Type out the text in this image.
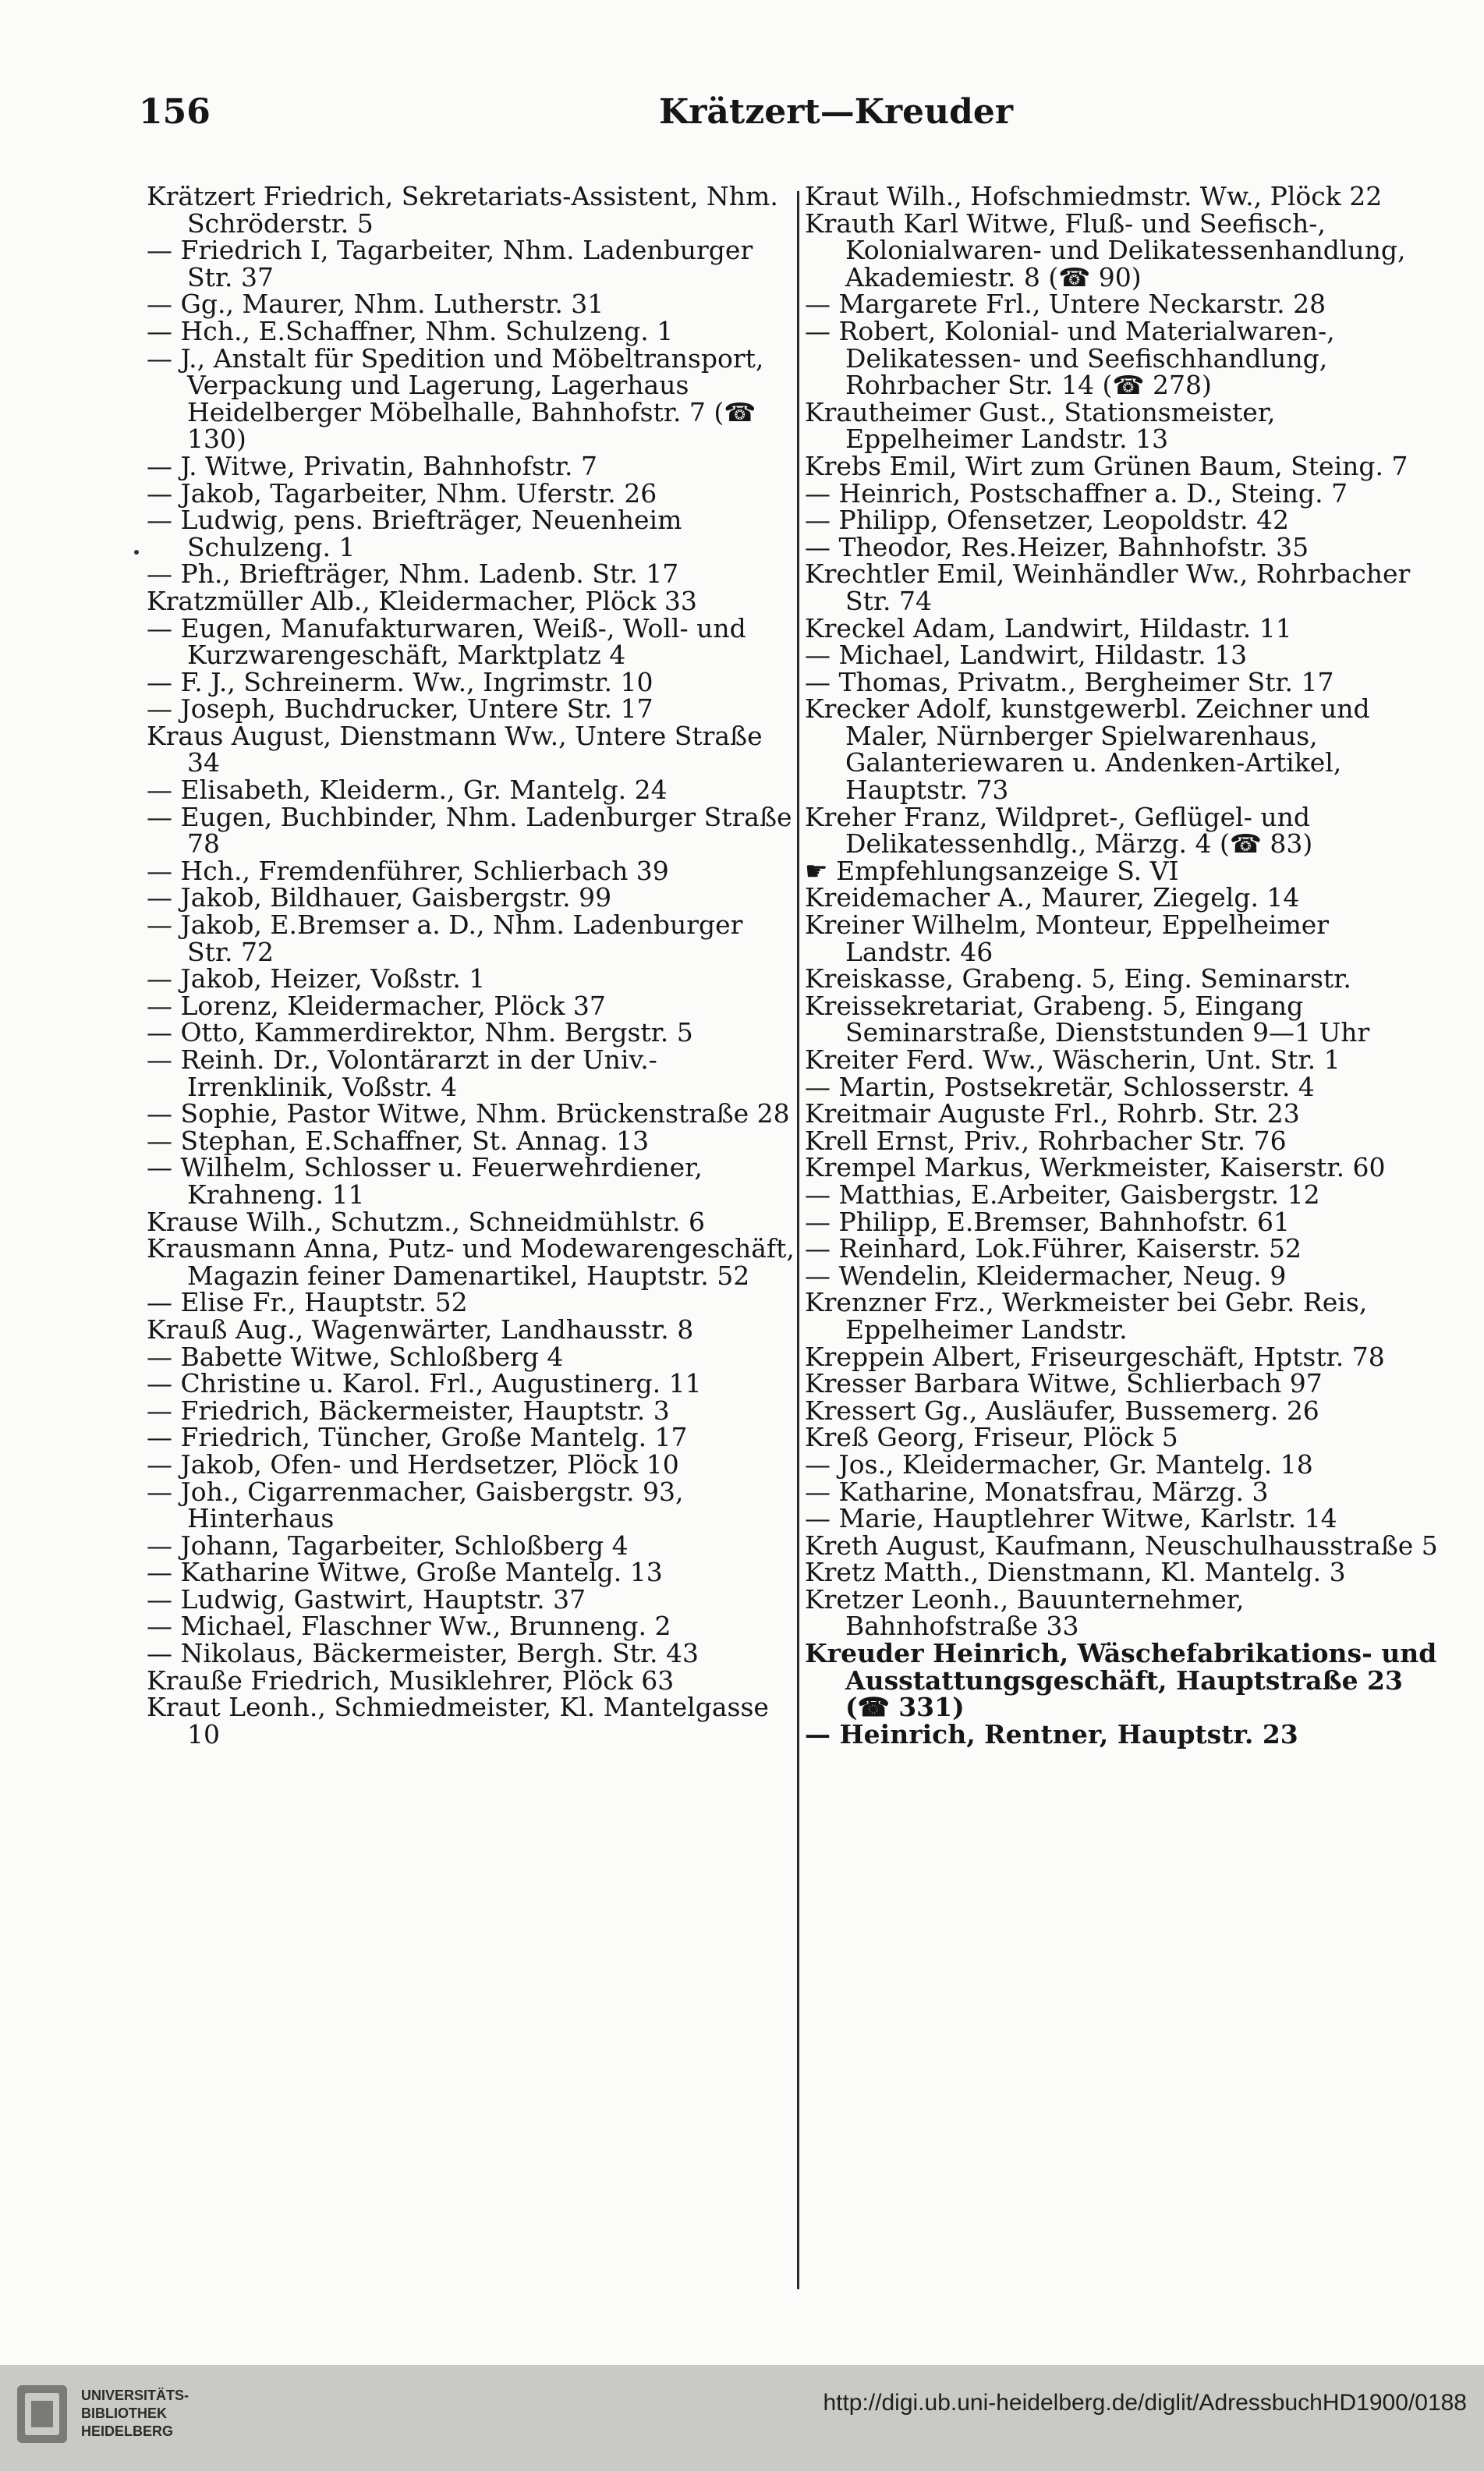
156	Krätzert—Kreuder
Krätzert Friedrich, Sekretariats-Assistent, Nhm. Schröderstr. 5
— Friedrich I, Tagarbeiter, Nhm. Ladenburger Str. 37
— Gg., Maurer, Nhm. Lutherstr. 31
— Hch., E.Schaffner, Nhm. Schulzeng. 1
— J., Anstalt für Spedition und Möbeltransport, Verpackung und Lagerung, Lagerhaus Heidelberger Möbelhalle, Bahnhofstr. 7 (☎ 130)
— J. Witwe, Privatin, Bahnhofstr. 7
— Jakob, Tagarbeiter, Nhm. Uferstr. 26
— Ludwig, pens. Briefträger, Neuenheim Schulzeng. 1
— Ph., Briefträger, Nhm. Ladenb. Str. 17
Kratzmüller Alb., Kleidermacher, Plöck 33
— Eugen, Manufakturwaren, Weiß-, Woll- und Kurzwarengeschäft, Marktplatz 4
— F. J., Schreinerm. Ww., Ingrimstr. 10
— Joseph, Buchdrucker, Untere Str. 17
Kraus August, Dienstmann Ww., Untere Straße 34
— Elisabeth, Kleiderm., Gr. Mantelg. 24
— Eugen, Buchbinder, Nhm. Ladenburger Straße 78
— Hch., Fremdenführer, Schlierbach 39
— Jakob, Bildhauer, Gaisbergstr. 99
— Jakob, E.Bremser a. D., Nhm. Ladenburger Str. 72
— Jakob, Heizer, Voßstr. 1
— Lorenz, Kleidermacher, Plöck 37
— Otto, Kammerdirektor, Nhm. Bergstr. 5
— Reinh. Dr., Volontärarzt in der Univ.-Irrenklinik, Voßstr. 4
— Sophie, Pastor Witwe, Nhm. Brückenstraße 28
— Stephan, E.Schaffner, St. Annag. 13
— Wilhelm, Schlosser u. Feuerwehrdiener, Krahneng. 11
Krause Wilh., Schutzm., Schneidmühlstr. 6
Krausmann Anna, Putz- und Modewarengeschäft, Magazin feiner Damenartikel, Hauptstr. 52
— Elise Fr., Hauptstr. 52
Krauß Aug., Wagenwärter, Landhausstr. 8
— Babette Witwe, Schloßberg 4
— Christine u. Karol. Frl., Augustinerg. 11
— Friedrich, Bäckermeister, Hauptstr. 3
— Friedrich, Tüncher, Große Mantelg. 17
— Jakob, Ofen- und Herdsetzer, Plöck 10
— Joh., Cigarrenmacher, Gaisbergstr. 93, Hinterhaus
— Johann, Tagarbeiter, Schloßberg 4
— Katharine Witwe, Große Mantelg. 13
— Ludwig, Gastwirt, Hauptstr. 37
— Michael, Flaschner Ww., Brunneng. 2
— Nikolaus, Bäckermeister, Bergh. Str. 43
Krauße Friedrich, Musiklehrer, Plöck 63
Kraut Leonh., Schmiedmeister, Kl. Mantelgasse 10
Kraut Wilh., Hofschmiedmstr. Ww., Plöck 22
Krauth Karl Witwe, Fluß- und Seefisch-, Kolonialwaren- und Delikatessenhandlung, Akademiestr. 8 (☎ 90)
— Margarete Frl., Untere Neckarstr. 28
— Robert, Kolonial- und Materialwaren-, Delikatessen- und Seefischhandlung, Rohrbacher Str. 14 (☎ 278)
Krautheimer Gust., Stationsmeister, Eppelheimer Landstr. 13
Krebs Emil, Wirt zum Grünen Baum, Steing. 7
— Heinrich, Postschaffner a. D., Steing. 7
— Philipp, Ofensetzer, Leopoldstr. 42
— Theodor, Res.Heizer, Bahnhofstr. 35
Krechtler Emil, Weinhändler Ww., Rohrbacher Str. 74
Kreckel Adam, Landwirt, Hildastr. 11
— Michael, Landwirt, Hildastr. 13
— Thomas, Privatm., Bergheimer Str. 17
Krecker Adolf, kunstgewerbl. Zeichner und Maler, Nürnberger Spielwarenhaus, Galanteriewaren u. Andenken-Artikel, Hauptstr. 73
Kreher Franz, Wildpret-, Geflügel- und Delikatessenhdlg., Märzg. 4 (☎ 83)
☛ Empfehlungsanzeige S. VI
Kreidemacher A., Maurer, Ziegelg. 14
Kreiner Wilhelm, Monteur, Eppelheimer Landstr. 46
Kreiskasse, Grabeng. 5, Eing. Seminarstr.
Kreissekretariat, Grabeng. 5, Eingang Seminarstraße, Dienststunden 9—1 Uhr
Kreiter Ferd. Ww., Wäscherin, Unt. Str. 1
— Martin, Postsekretär, Schlosserstr. 4
Kreitmair Auguste Frl., Rohrb. Str. 23
Krell Ernst, Priv., Rohrbacher Str. 76
Krempel Markus, Werkmeister, Kaiserstr. 60
— Matthias, E.Arbeiter, Gaisbergstr. 12
— Philipp, E.Bremser, Bahnhofstr. 61
— Reinhard, Lok.Führer, Kaiserstr. 52
— Wendelin, Kleidermacher, Neug. 9
Krenzner Frz., Werkmeister bei Gebr. Reis, Eppelheimer Landstr.
Kreppein Albert, Friseurgeschäft, Hptstr. 78
Kresser Barbara Witwe, Schlierbach 97
Kressert Gg., Ausläufer, Bussemerg. 26
Kreß Georg, Friseur, Plöck 5
— Jos., Kleidermacher, Gr. Mantelg. 18
— Katharine, Monatsfrau, Märzg. 3
— Marie, Hauptlehrer Witwe, Karlstr. 14
Kreth August, Kaufmann, Neuschulhausstraße 5
Kretz Matth., Dienstmann, Kl. Mantelg. 3
Kretzer Leonh., Bauunternehmer, Bahnhofstraße 33
Kreuder Heinrich, Wäschefabrikations- und Ausstattungsgeschäft, Hauptstraße 23 (☎ 331)
— Heinrich, Rentner, Hauptstr. 23
UNIVERSITÄTS-
BIBLIOTHEK
HEIDELBERG
http://digi.ub.uni-heidelberg.de/diglit/AdressbuchHD1900/0188
